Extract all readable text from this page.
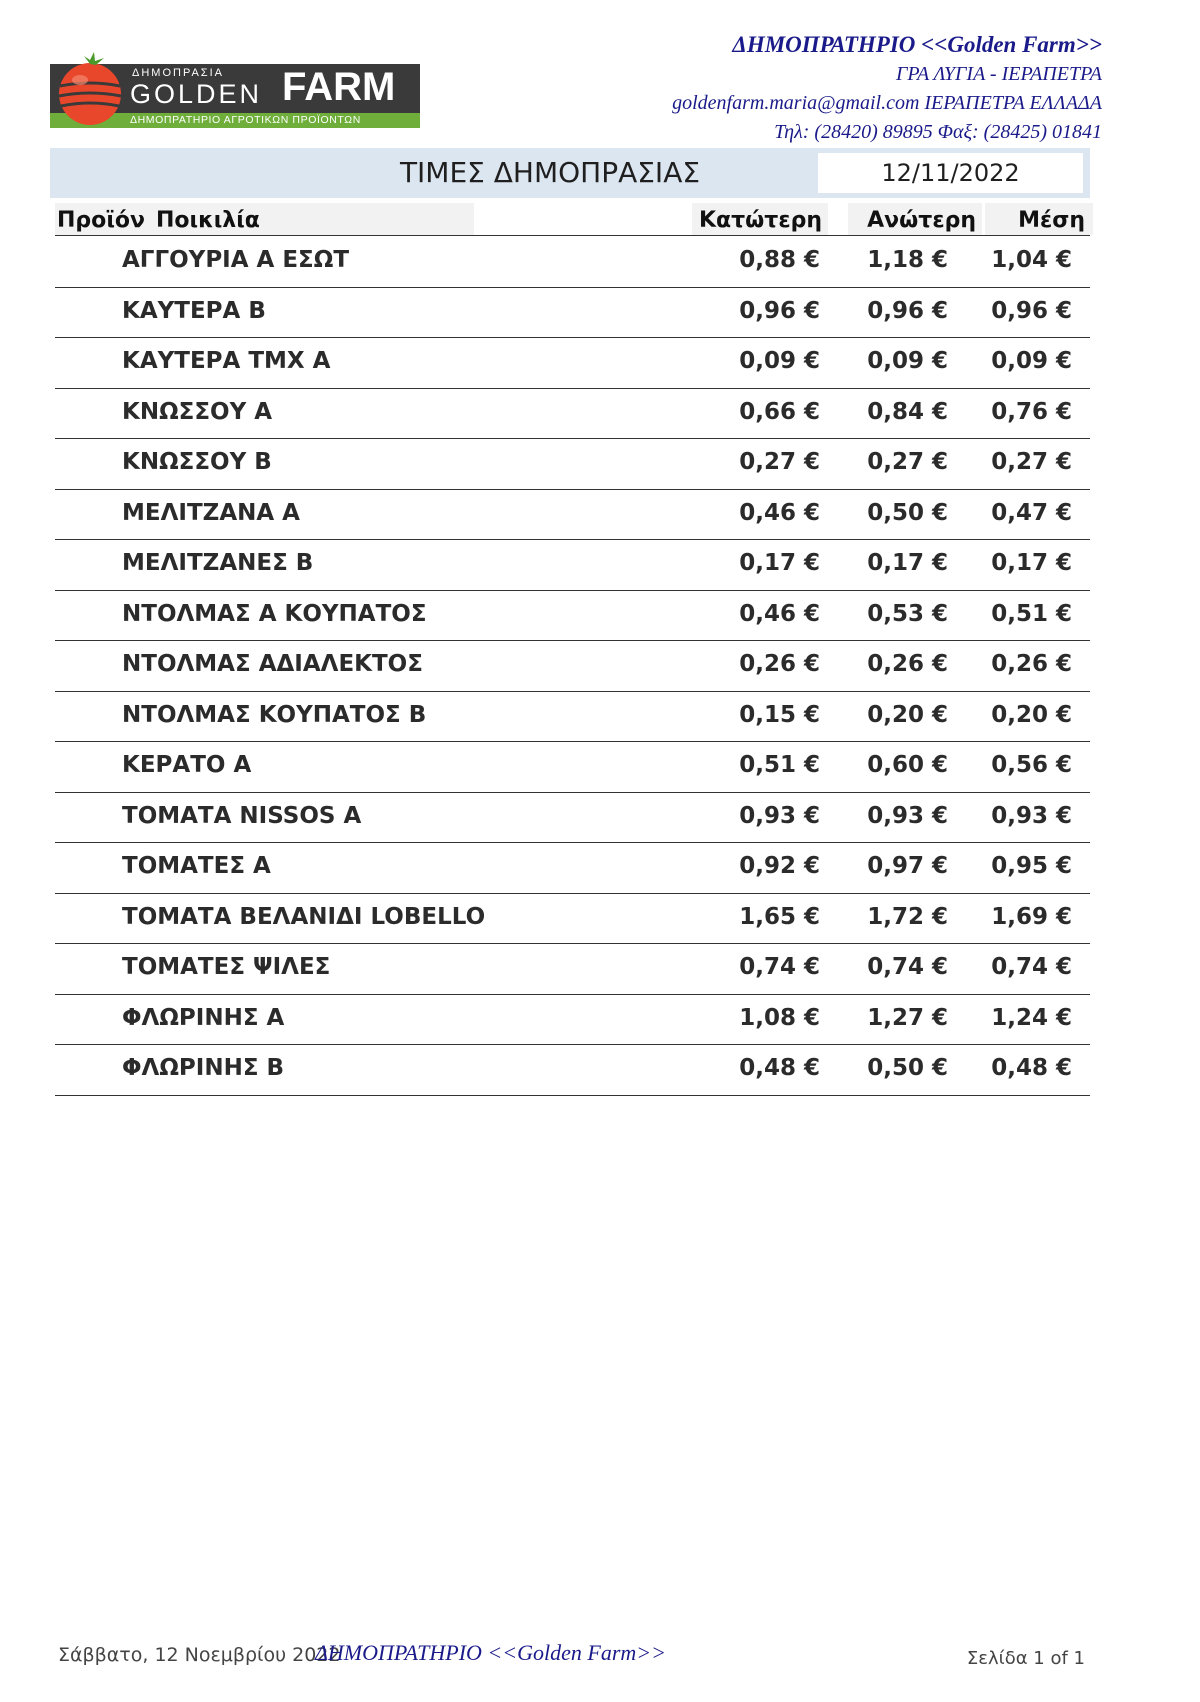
ΔΗΜΟΠΡΑΣΙΑ
GOLDEN FARM
ΔΗΜΟΠΡΑΤΗΡΙΟ ΑΓΡΟΤΙΚΩΝ ΠΡΟΪΟΝΤΩΝ
ΔΗΜΟΠΡΑΤΗΡΙΟ <<Golden Farm>>
ΓΡΑ ΛΥΓΙΑ - ΙΕΡΑΠΕΤΡΑ
goldenfarm.maria@gmail.com ΙΕΡΑΠΕΤΡΑ ΕΛΛΑΔΑ
Τηλ: (28420) 89895 Φαξ: (28425) 01841
ΤΙΜΕΣ ΔΗΜΟΠΡΑΣΙΑΣ	12/11/2022
Προϊόν Ποικιλία	Κατώτερη	Ανώτερη	Μέση
ΑΓΓΟΥΡΙΑ Α ΕΣΩΤ	0,88 € 1,18 € 1,04 €
ΚΑΥΤΕΡΑ Β	0,96 € 0,96 € 0,96 €
ΚΑΥΤΕΡΑ ΤΜΧ Α	0,09 € 0,09 € 0,09 €
ΚΝΩΣΣΟΥ Α	0,66 € 0,84 € 0,76 €
ΚΝΩΣΣΟΥ Β	0,27 € 0,27 € 0,27 €
ΜΕΛΙΤΖΑΝΑ Α	0,46 € 0,50 € 0,47 €
ΜΕΛΙΤΖΑΝΕΣ Β	0,17 € 0,17 € 0,17 €
ΝΤΟΛΜΑΣ Α ΚΟΥΠΑΤΟΣ	0,46 € 0,53 € 0,51 €
ΝΤΟΛΜΑΣ ΑΔΙΑΛΕΚΤΟΣ	0,26 € 0,26 € 0,26 €
ΝΤΟΛΜΑΣ ΚΟΥΠΑΤΟΣ Β	0,15 € 0,20 € 0,20 €
ΚΕΡΑΤΟ Α	0,51 € 0,60 € 0,56 €
ΤΟΜΑΤΑ NISSOS A	0,93 € 0,93 € 0,93 €
ΤΟΜΑΤΕΣ Α	0,92 € 0,97 € 0,95 €
ΤΟΜΑΤΑ ΒΕΛΑΝΙΔΙ LOBELLO	1,65 € 1,72 € 1,69 €
ΤΟΜΑΤΕΣ ΨΙΛΕΣ	0,74 € 0,74 € 0,74 €
ΦΛΩΡΙΝΗΣ Α	1,08 € 1,27 € 1,24 €
ΦΛΩΡΙΝΗΣ Β	0,48 € 0,50 € 0,48 €
Σάββατο, 12 Νοεμβρίου 2022
ΔΗΜΟΠΡΑΤΗΡΙΟ <<Golden Farm>>	Σελίδα 1 of 1
